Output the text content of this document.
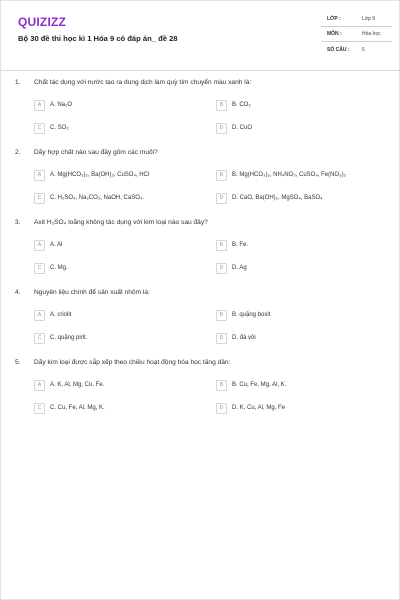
QUIZIZZ
Bộ 30 đề thi học kì 1 Hóa 9 có đáp án_ đề 28
LỚP :	Lớp 9
MÔN :	Hóa học
SỐ CÂU :	5
1. Chất tác dụng với nước tạo ra dung dịch làm quỳ tím chuyển màu xanh là:
A	A. Na₂O	B	B. CO₂
C	C. SO₂	D	D. CuO
2. Dãy hợp chất nào sau đây gồm các muối?
A	A. Mg(HCO₃)₂, Ba(OH)₂, CuSO₄, HCl	B	B. Mg(HCO₃)₂, NH₄NO₃, CuSO₄, Fe(NO₃)₂
C	C. H₂SO₄, Na₂CO₃, NaOH, CaSO₄.	D	D. CaO, Ba(OH)₂, MgSO₄, BaSO₄
3. Axit H₂SO₄ loãng không tác dụng với kim loại nào sau đây?
A	A. Al	B	B. Fe.
C	C. Mg.	D	D. Ag
4. Nguyên liệu chính để sản xuất nhôm là:
A	A. criolit	B	B. quặng boxit
C	C. quặng pirit.	D	D. đá vôi
5. Dãy kim loại được sắp xếp theo chiều hoạt động hóa học tăng dần:
A	A. K, Al, Mg, Cu, Fe.	B	B. Cu, Fe, Mg, Al, K.
C	C. Cu, Fe, Al, Mg, K.	D	D. K, Cu, Al, Mg, Fe
